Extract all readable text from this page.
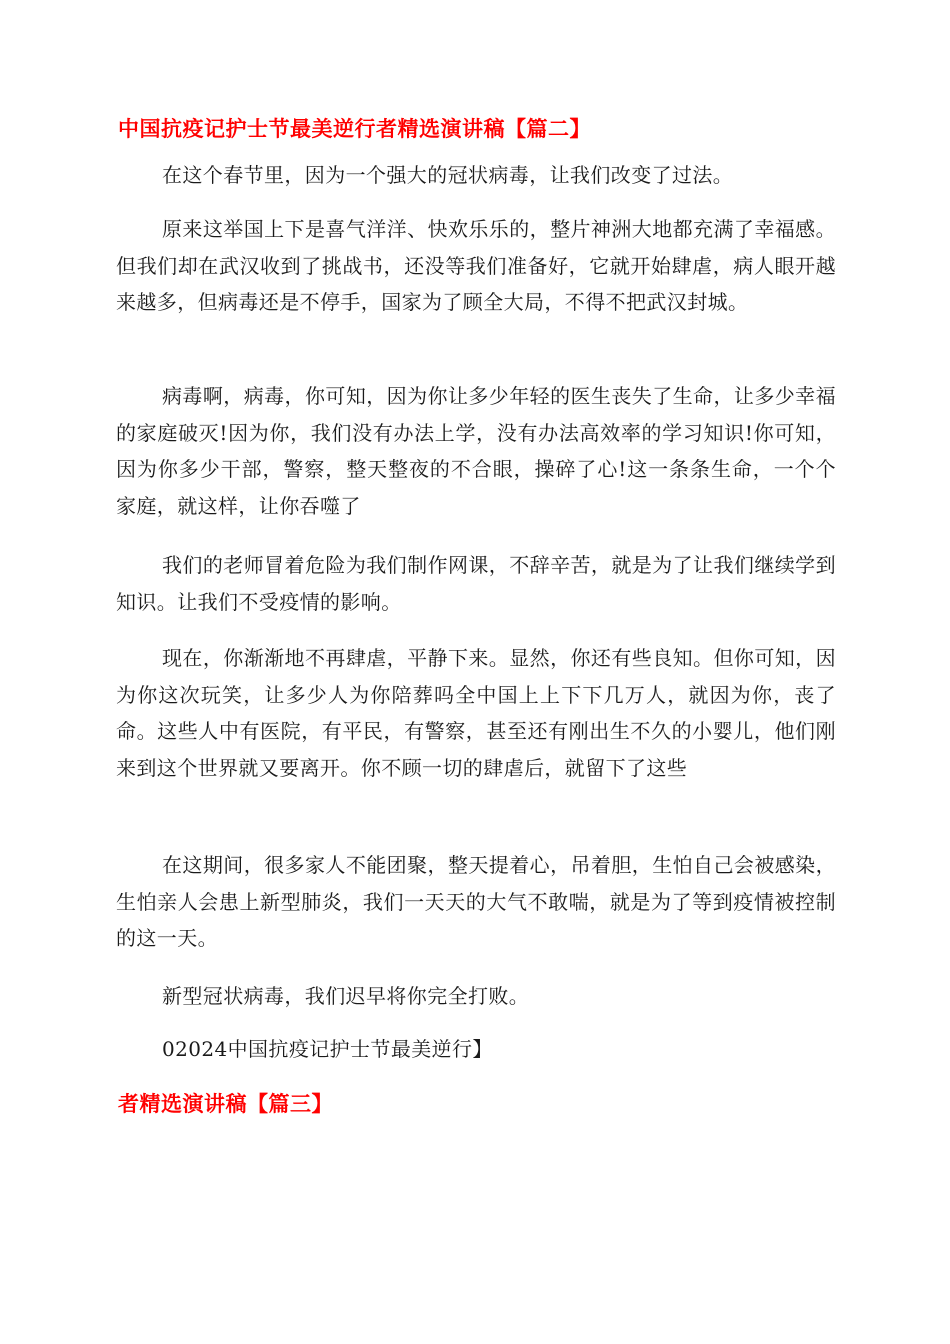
中国抗疫记护士节最美逆行者精选演讲稿【篇二】

在这个春节里，因为一个强大的冠状病毒，让我们改变了过法。

原来这举国上下是喜气洋洋、快欢乐乐的，整片神洲大地都充满了幸福感。但我们却在武汉收到了挑战书，还没等我们准备好，它就开始肆虐，病人眼开越来越多，但病毒还是不停手，国家为了顾全大局，不得不把武汉封城。

病毒啊，病毒，你可知，因为你让多少年轻的医生丧失了生命，让多少幸福的家庭破灭!因为你，我们没有办法上学，没有办法高效率的学习知识!你可知，因为你多少干部，警察，整天整夜的不合眼，操碎了心!这一条条生命，一个个家庭，就这样，让你吞噬了

我们的老师冒着危险为我们制作网课，不辞辛苦，就是为了让我们继续学到知识。让我们不受疫情的影响。

现在，你渐渐地不再肆虐，平静下来。显然，你还有些良知。但你可知，因为你这次玩笑，让多少人为你陪葬吗全中国上上下下几万人，就因为你，丧了命。这些人中有医院，有平民，有警察，甚至还有刚出生不久的小婴儿，他们刚来到这个世界就又要离开。你不顾一切的肆虐后，就留下了这些

在这期间，很多家人不能团聚，整天提着心，吊着胆，生怕自己会被感染，生怕亲人会患上新型肺炎，我们一天天的大气不敢喘，就是为了等到疫情被控制的这一天。

新型冠状病毒，我们迟早将你完全打败。

02024中国抗疫记护士节最美逆行】

者精选演讲稿【篇三】
